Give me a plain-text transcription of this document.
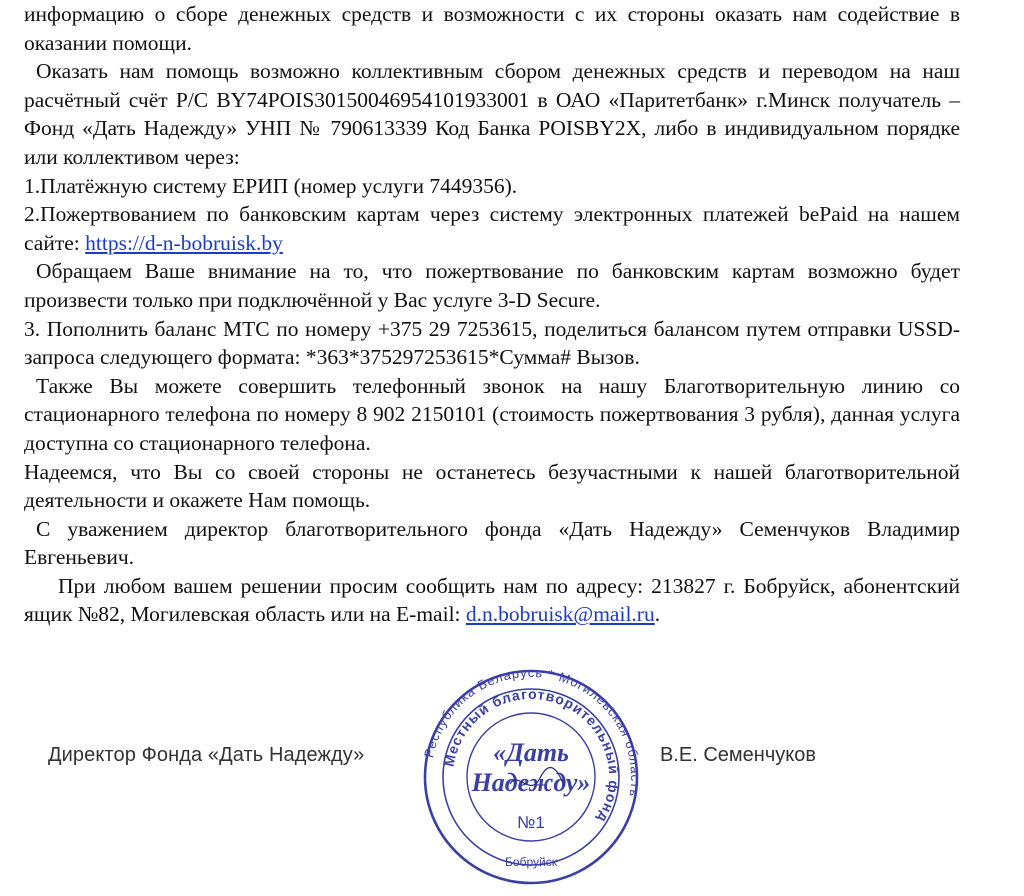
информацию о сборе денежных средств и возможности с их стороны оказать нам содействие в оказании помощи.

Оказать нам помощь возможно коллективным сбором денежных средств и переводом на наш расчётный счёт Р/С BY74POIS30150046954101933001 в ОАО «Паритетбанк» г.Минск получатель – Фонд «Дать Надежду» УНП № 790613339 Код Банка POISBY2X, либо в индивидуальном порядке или коллективом через:

1.Платёжную систему ЕРИП (номер услуги 7449356).

2.Пожертвованием по банковским картам через систему электронных платежей bePaid на нашем сайте: https://d-n-bobruisk.by

Обращаем Ваше внимание на то, что пожертвование по банковским картам возможно будет произвести только при подключённой у Вас услуге 3-D Secure.

3. Пополнить баланс МТС по номеру +375 29 7253615, поделиться балансом путем отправки USSD-запроса следующего формата: *363*375297253615*Сумма# Вызов.

Также Вы можете совершить телефонный звонок на нашу Благотворительную линию со стационарного телефона по номеру 8 902 2150101 (стоимость пожертвования 3 рубля), данная услуга доступна со стационарного телефона.

Надеемся, что Вы со своей стороны не останетесь безучастными к нашей благотворительной деятельности и окажете Нам помощь.

С уважением директор благотворительного фонда «Дать Надежду» Семенчуков Владимир Евгеньевич.

При любом вашем решении просим сообщить нам по адресу: 213827 г. Бобруйск, абонентский ящик №82, Могилевская область или на E-mail: d.n.bobruisk@mail.ru.

Директор Фонда «Дать Надежду»	Республика Беларусь * Могилевская область
Местный благотворительный фонд
«Дать
Надежду»
№1
Бобруйск
В.Е. Семенчуков
